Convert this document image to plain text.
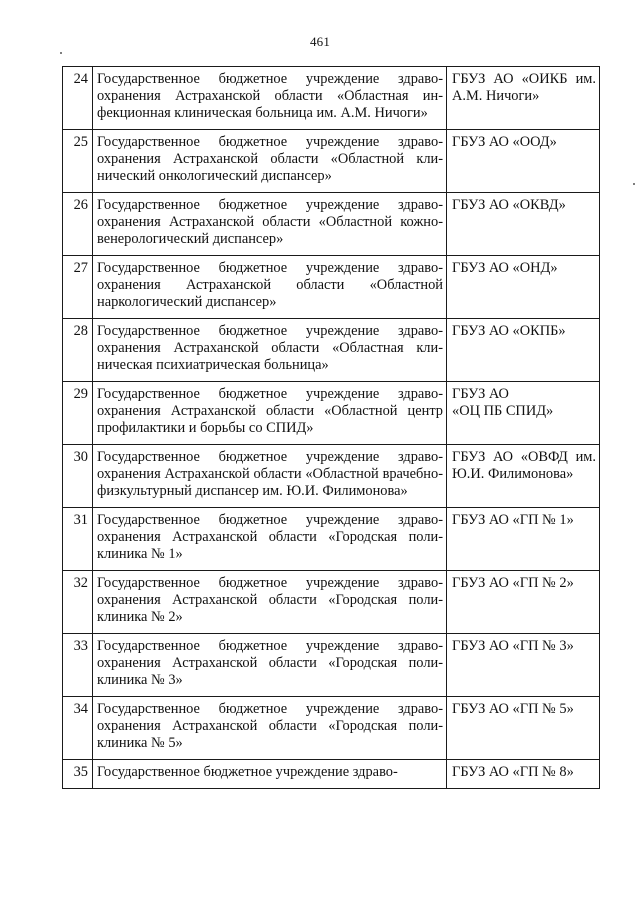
461
24	Государственное бюджетное учреждение здравоохранения Астраханской области «Областная инфекционная клиническая больница им. А.М. Ничоги»	ГБУЗ АО «ОИКБ им. А.М. Ничоги»
25	Государственное бюджетное учреждение здравоохранения Астраханской области «Областной клинический онкологический диспансер»	ГБУЗ АО «ООД»
26	Государственное бюджетное учреждение здравоохранения Астраханской области «Областной кожно-венерологический диспансер»	ГБУЗ АО «ОКВД»
27	Государственное бюджетное учреждение здравоохранения Астраханской области «Областной наркологический диспансер»	ГБУЗ АО «ОНД»
28	Государственное бюджетное учреждение здравоохранения Астраханской области «Областная клиническая психиатрическая больница»	ГБУЗ АО «ОКПБ»
29	Государственное бюджетное учреждение здравоохранения Астраханской области «Областной центр профилактики и борьбы со СПИД»	ГБУЗ АО
«ОЦ ПБ СПИД»

30	Государственное бюджетное учреждение здравоохранения Астраханской области «Областной врачебно-физкультурный диспансер им. Ю.И. Филимонова»	ГБУЗ АО «ОВФД им. Ю.И. Филимонова»
31	Государственное бюджетное учреждение здравоохранения Астраханской области «Городская поликлиника № 1»	ГБУЗ АО «ГП № 1»
32	Государственное бюджетное учреждение здравоохранения Астраханской области «Городская поликлиника № 2»	ГБУЗ АО «ГП № 2»
33	Государственное бюджетное учреждение здравоохранения Астраханской области «Городская поликлиника № 3»	ГБУЗ АО «ГП № 3»
34	Государственное бюджетное учреждение здравоохранения Астраханской области «Городская поликлиника № 5»	ГБУЗ АО «ГП № 5»
35	Государственное бюджетное учреждение здраво-	ГБУЗ АО «ГП № 8»
